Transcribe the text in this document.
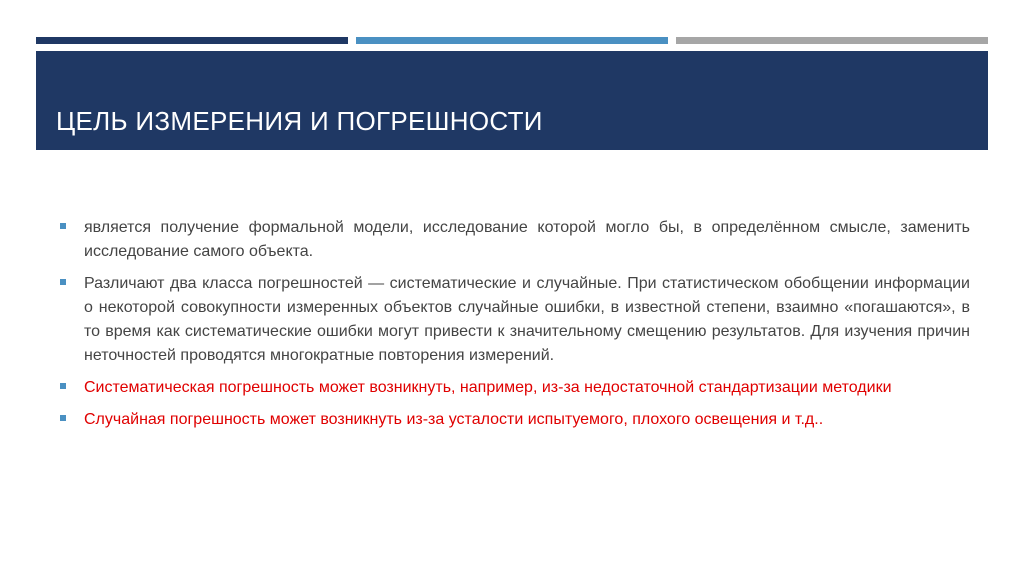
ЦЕЛЬ ИЗМЕРЕНИЯ И ПОГРЕШНОСТИ
является получение формальной модели, исследование которой могло бы, в определённом смысле, заменить исследование самого объекта.
Различают два класса погрешностей — систематические и случайные. При статистическом обобщении информации о некоторой совокупности измеренных объектов случайные ошибки, в известной степени, взаимно «погашаются», в то время как систематические ошибки могут привести к значительному смещению результатов. Для изучения причин неточностей проводятся многократные повторения измерений.
Систематическая погрешность может возникнуть, например, из-за недостаточной стандартизации методики
Случайная погрешность может возникнуть из-за усталости испытуемого, плохого освещения и т.д..
